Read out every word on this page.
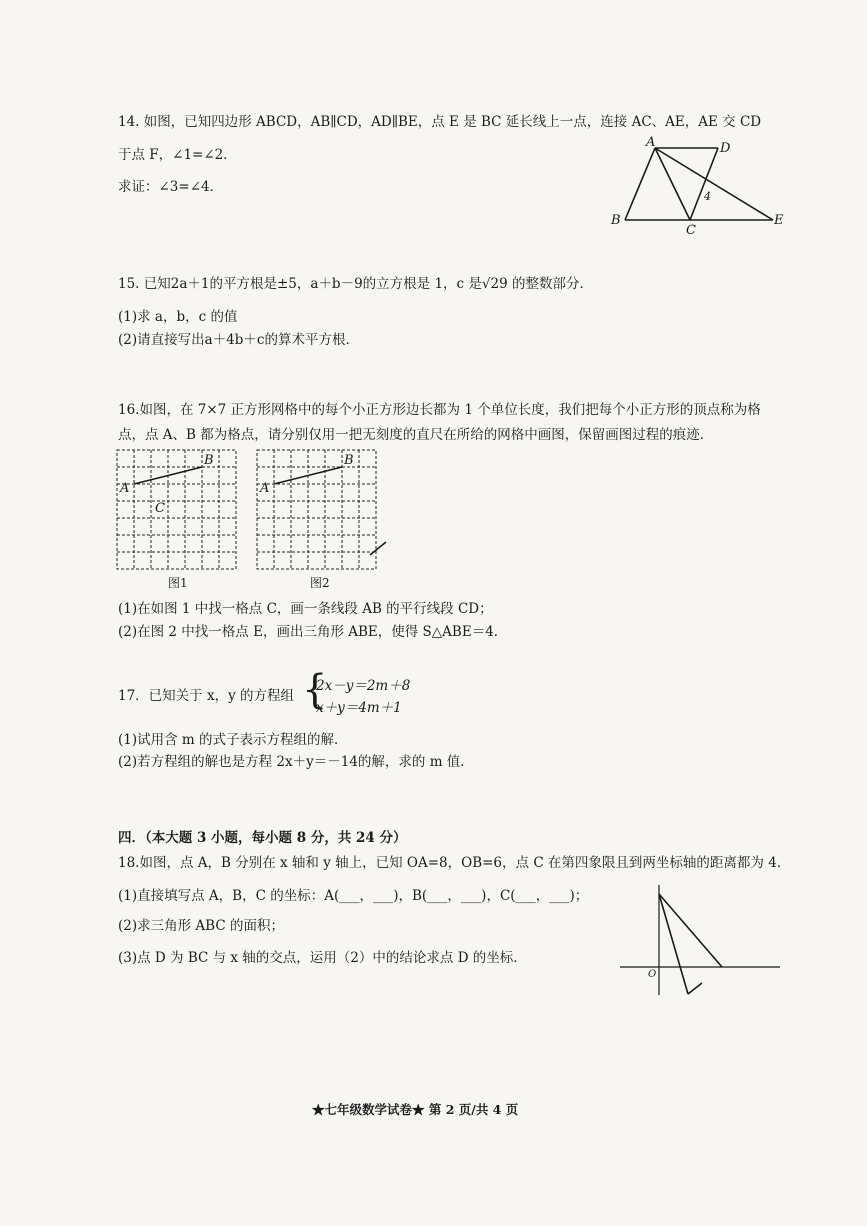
14. 如图，已知四边形 ABCD，AB∥CD，AD∥BE，点 E 是 BC 延长线上一点，连接 AC、AE，AE 交 CD
于点 F，∠1=∠2．
求证：∠3=∠4．
A	D
B
C
E
4
15. 已知2a＋1的平方根是±5，a＋b－9的立方根是 1，c 是√29 的整数部分．
(1)求 a，b，c 的值
(2)请直接写出a＋4b＋c的算术平方根．
16.如图，在 7×7 正方形网格中的每个小正方形边长都为 1 个单位长度，我们把每个小正方形的顶点称为格
点，点 A、B 都为格点，请分别仅用一把无刻度的直尺在所给的网格中画图，保留画图过程的痕迹．
A
B
C
图1
A
B
图2
(1)在如图 1 中找一格点 C，画一条线段 AB 的平行线段 CD；
(2)在图 2 中找一格点 E，画出三角形 ABE，使得 S△ABE＝4．
17．已知关于 x，y 的方程组 {
2x－y＝2m＋8
x＋y＝4m＋1
(1)试用含 m 的式子表示方程组的解．
(2)若方程组的解也是方程 2x＋y＝－14的解，求的 m 值．
四．（本大题 3 小题，每小题 8 分，共 24 分）
18.如图，点 A，B 分别在 x 轴和 y 轴上，已知 OA=8，OB=6，点 C 在第四象限且到两坐标轴的距离都为 4．
(1)直接填写点 A，B，C 的坐标：A(___，___)，B(___，___)，C(___，___)；
(2)求三角形 ABC 的面积；
(3)点 D 为 BC 与 x 轴的交点，运用（2）中的结论求点 D 的坐标．
O
★七年级数学试卷★ 第 2 页/共 4 页
